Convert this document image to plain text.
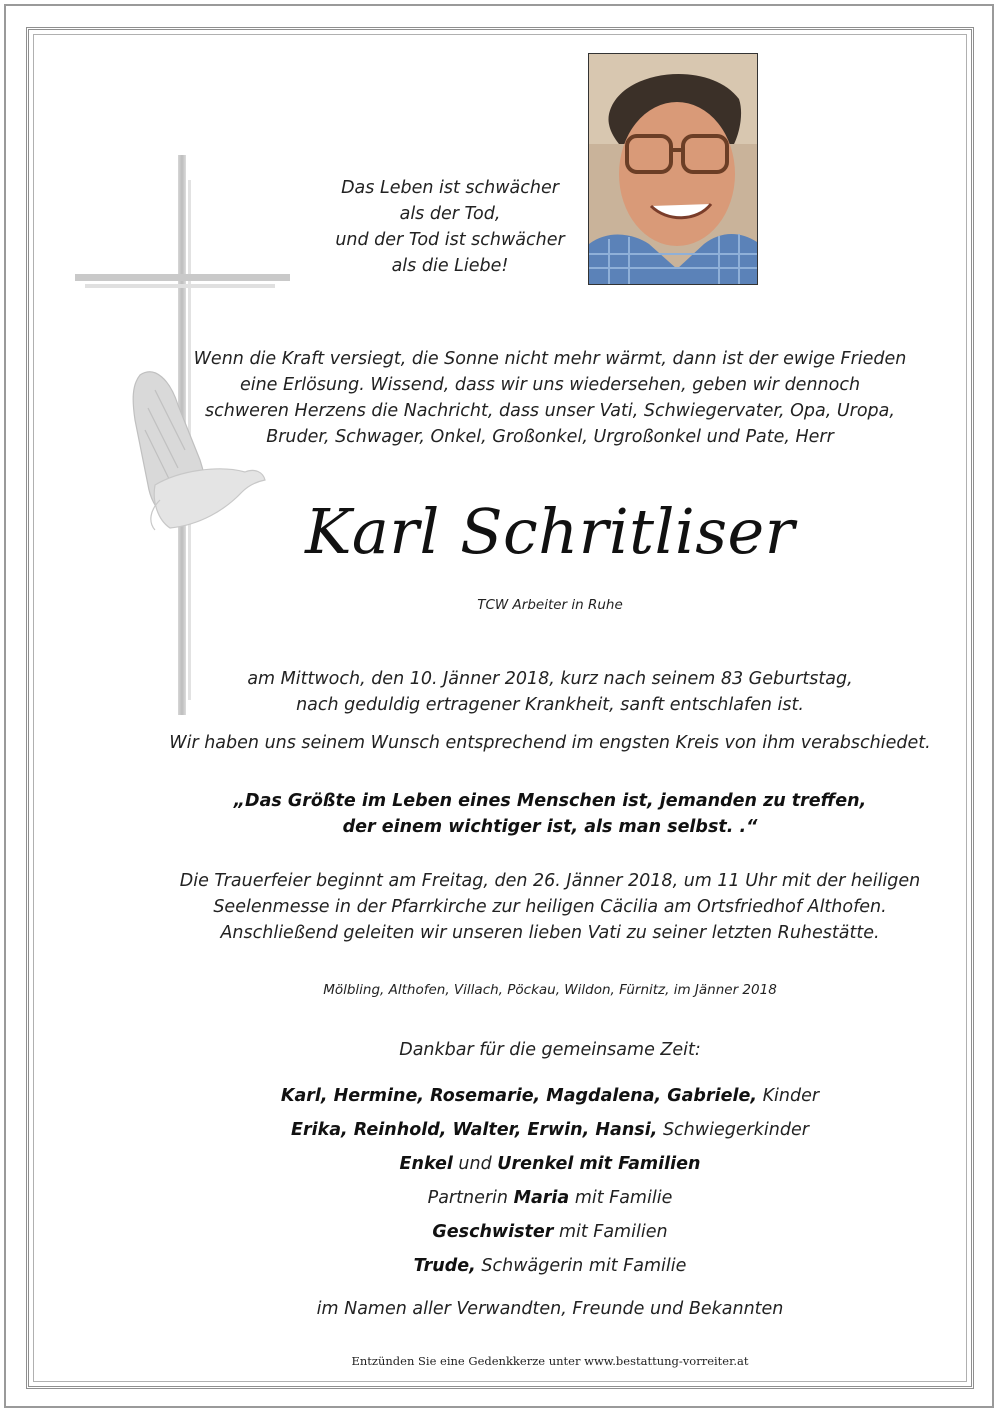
Das Leben ist schwächer
als der Tod,
und der Tod ist schwächer
als die Liebe!
Wenn die Kraft versiegt, die Sonne nicht mehr wärmt, dann ist der ewige Frieden
eine Erlösung. Wissend, dass wir uns wiedersehen, geben wir dennoch
schweren Herzens die Nachricht, dass unser Vati, Schwiegervater, Opa, Uropa,
Bruder, Schwager, Onkel, Großonkel, Urgroßonkel und Pate, Herr
Karl Schritliser
TCW Arbeiter in Ruhe
am Mittwoch, den 10. Jänner 2018, kurz nach seinem 83 Geburtstag,
nach geduldig ertragener Krankheit, sanft entschlafen ist.
Wir haben uns seinem Wunsch entsprechend im engsten Kreis von ihm verabschiedet.
„Das Größte im Leben eines Menschen ist, jemanden zu treffen,
der einem wichtiger ist, als man selbst. .“
Die Trauerfeier beginnt am Freitag, den 26. Jänner 2018, um 11 Uhr mit der heiligen
Seelenmesse in der Pfarrkirche zur heiligen Cäcilia am Ortsfriedhof Althofen.
Anschließend geleiten wir unseren lieben Vati zu seiner letzten Ruhestätte.
Mölbling, Althofen, Villach, Pöckau, Wildon, Fürnitz, im Jänner 2018
Dankbar für die gemeinsame Zeit:
Karl, Hermine, Rosemarie, Magdalena, Gabriele, Kinder
Erika, Reinhold, Walter, Erwin, Hansi, Schwiegerkinder
Enkel und Urenkel mit Familien
Partnerin Maria mit Familie
Geschwister mit Familien
Trude, Schwägerin mit Familie
im Namen aller Verwandten, Freunde und Bekannten
Entzünden Sie eine Gedenkkerze unter www.bestattung-vorreiter.at
